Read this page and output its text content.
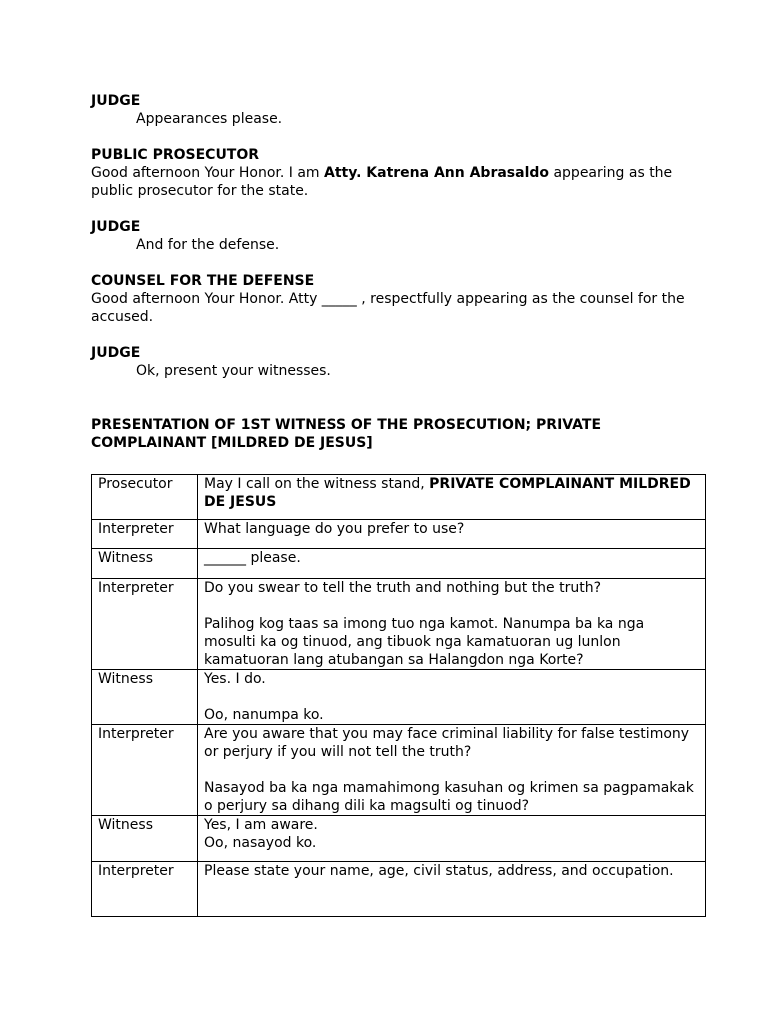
JUDGE

Appearances please.

PUBLIC PROSECUTOR

Good afternoon Your Honor. I am Atty. Katrena Ann Abrasaldo appearing as the public prosecutor for the state.

JUDGE

And for the defense.

COUNSEL FOR THE DEFENSE

Good afternoon Your Honor. Atty _____ , respectfully appearing as the counsel for the accused.

JUDGE

Ok, present your witnesses.

PRESENTATION OF 1ST WITNESS OF THE PROSECUTION; PRIVATE COMPLAINANT [MILDRED DE JESUS]

Prosecutor	May I call on the witness stand, PRIVATE COMPLAINANT MILDRED DE JESUS
Interpreter	What language do you prefer to use?

Witness	______ please.

Interpreter	Do you swear to tell the truth and nothing but the truth?
Palihog kog taas sa imong tuo nga kamot. Nanumpa ba ka nga mosulti ka og tinuod, ang tibuok nga kamatuoran ug lunlon kamatuoran lang atubangan sa Halangdon nga Korte?

Witness	Yes. I do.
Oo, nanumpa ko.

Interpreter	Are you aware that you may face criminal liability for false testimony or perjury if you will not tell the truth?
Nasayod ba ka nga mamahimong kasuhan og krimen sa pagpamakak o perjury sa dihang dili ka magsulti og tinuod?

Witness	Yes, I am aware.
Oo, nasayod ko.

Interpreter	Please state your name, age, civil status, address, and occupation.
